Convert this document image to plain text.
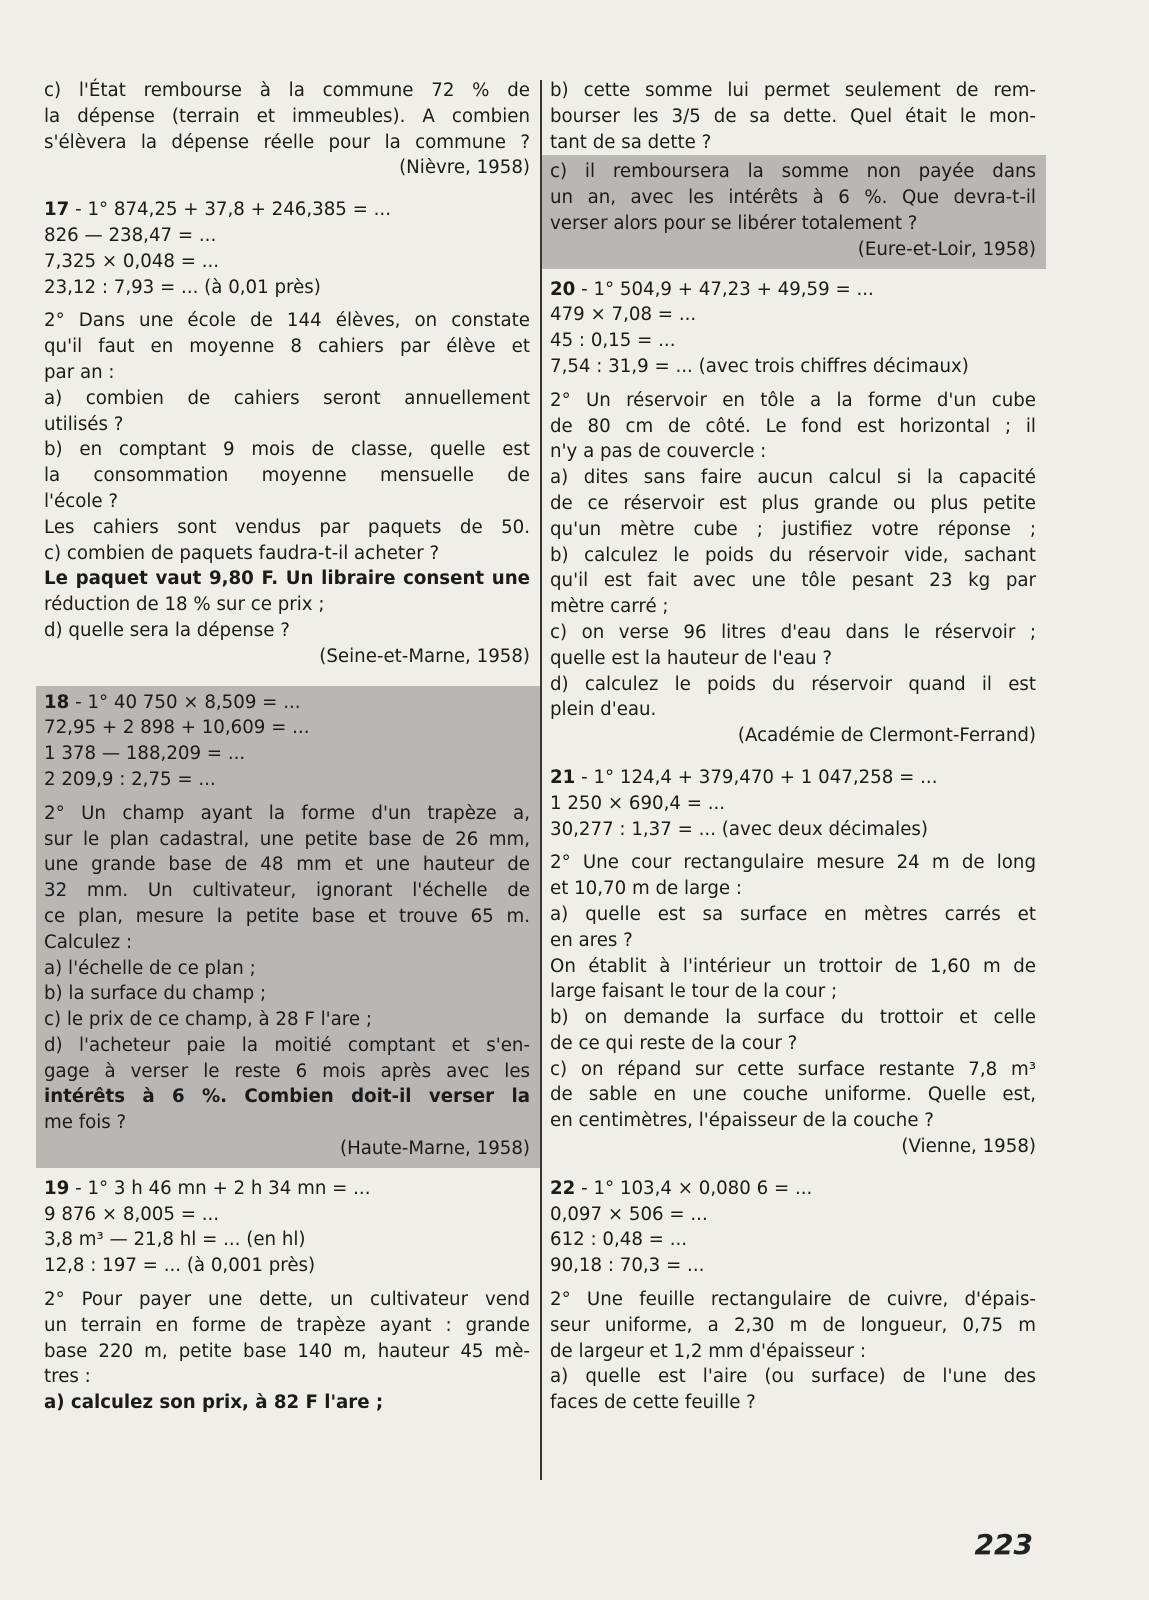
c) l'État rembourse à la commune 72 % de
la dépense (terrain et immeubles). A combien
s'élèvera la dépense réelle pour la commune ?
(Nièvre, 1958)
17 - 1° 874,25 + 37,8 + 246,385 = ...
826 — 238,47 = ...
7,325 × 0,048 = ...
23,12 : 7,93 = ... (à 0,01 près)
2° Dans une école de 144 élèves, on constate
qu'il faut en moyenne 8 cahiers par élève et
par an :
a) combien de cahiers seront annuellement
utilisés ?
b) en comptant 9 mois de classe, quelle est
la consommation moyenne mensuelle de
l'école ?
Les cahiers sont vendus par paquets de 50.
c) combien de paquets faudra-t-il acheter ?
Le paquet vaut 9,80 F. Un libraire consent une
réduction de 18 % sur ce prix ;
d) quelle sera la dépense ?
(Seine-et-Marne, 1958)
18 - 1° 40 750 × 8,509 = ...
72,95 + 2 898 + 10,609 = ...
1 378 — 188,209 = ...
2 209,9 : 2,75 = ...
2° Un champ ayant la forme d'un trapèze a,
sur le plan cadastral, une petite base de 26 mm,
une grande base de 48 mm et une hauteur de
32 mm. Un cultivateur, ignorant l'échelle de
ce plan, mesure la petite base et trouve 65 m.
Calculez :
a) l'échelle de ce plan ;
b) la surface du champ ;
c) le prix de ce champ, à 28 F l'are ;
d) l'acheteur paie la moitié comptant et s'en-
gage à verser le reste 6 mois après avec les
intérêts à 6 %. Combien doit-il verser la
me fois ?
(Haute-Marne, 1958)
19 - 1° 3 h 46 mn + 2 h 34 mn = ...
9 876 × 8,005 = ...
3,8 m³ — 21,8 hl = ... (en hl)
12,8 : 197 = ... (à 0,001 près)
2° Pour payer une dette, un cultivateur vend
un terrain en forme de trapèze ayant : grande
base 220 m, petite base 140 m, hauteur 45 mè-
tres :
a) calculez son prix, à 82 F l'are ;
b) cette somme lui permet seulement de rem-
bourser les 3/5 de sa dette. Quel était le mon-
tant de sa dette ?
c) il remboursera la somme non payée dans
un an, avec les intérêts à 6 %. Que devra-t-il
verser alors pour se libérer totalement ?
(Eure-et-Loir, 1958)
20 - 1° 504,9 + 47,23 + 49,59 = ...
479 × 7,08 = ...
45 : 0,15 = ...
7,54 : 31,9 = ... (avec trois chiffres décimaux)
2° Un réservoir en tôle a la forme d'un cube
de 80 cm de côté. Le fond est horizontal ; il
n'y a pas de couvercle :
a) dites sans faire aucun calcul si la capacité
de ce réservoir est plus grande ou plus petite
qu'un mètre cube ; justifiez votre réponse ;
b) calculez le poids du réservoir vide, sachant
qu'il est fait avec une tôle pesant 23 kg par
mètre carré ;
c) on verse 96 litres d'eau dans le réservoir ;
quelle est la hauteur de l'eau ?
d) calculez le poids du réservoir quand il est
plein d'eau.
(Académie de Clermont-Ferrand)
21 - 1° 124,4 + 379,470 + 1 047,258 = ...
1 250 × 690,4 = ...
30,277 : 1,37 = ... (avec deux décimales)
2° Une cour rectangulaire mesure 24 m de long
et 10,70 m de large :
a) quelle est sa surface en mètres carrés et
en ares ?
On établit à l'intérieur un trottoir de 1,60 m de
large faisant le tour de la cour ;
b) on demande la surface du trottoir et celle
de ce qui reste de la cour ?
c) on répand sur cette surface restante 7,8 m³
de sable en une couche uniforme. Quelle est,
en centimètres, l'épaisseur de la couche ?
(Vienne, 1958)
22 - 1° 103,4 × 0,080 6 = ...
0,097 × 506 = ...
612 : 0,48 = ...
90,18 : 70,3 = ...
2° Une feuille rectangulaire de cuivre, d'épais-
seur uniforme, a 2,30 m de longueur, 0,75 m
de largeur et 1,2 mm d'épaisseur :
a) quelle est l'aire (ou surface) de l'une des
faces de cette feuille ?
223
